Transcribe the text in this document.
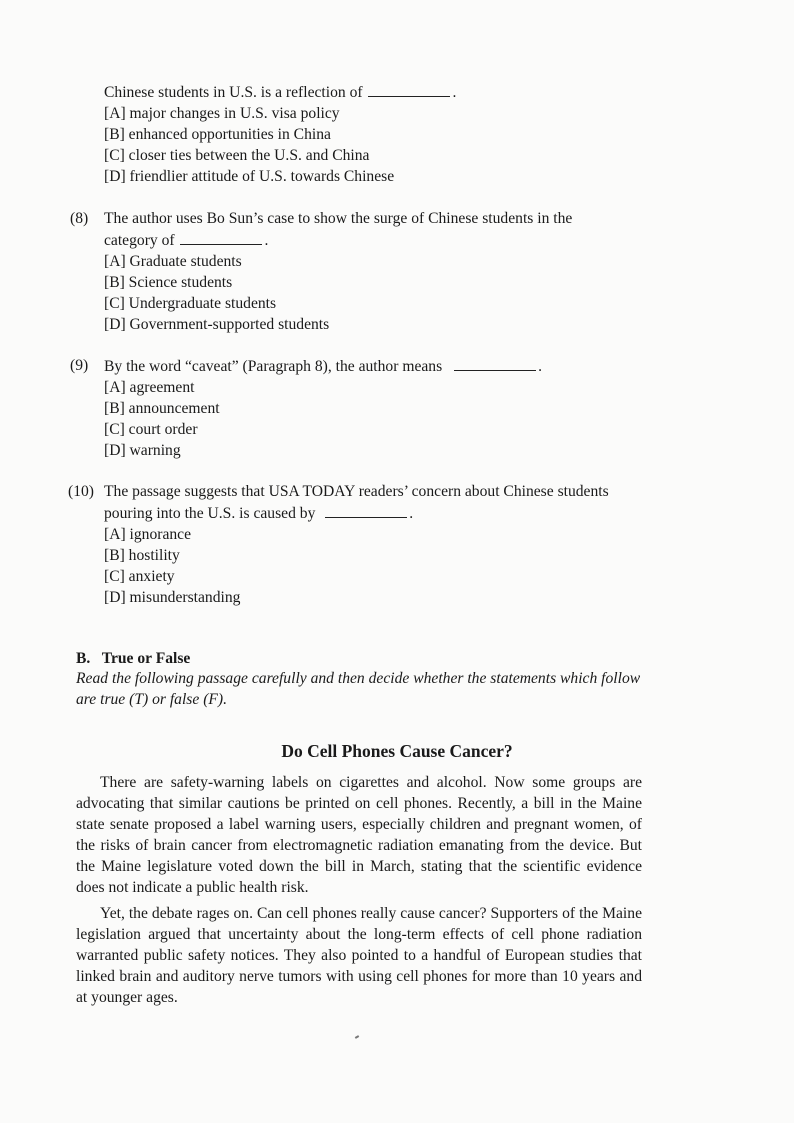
Chinese students in U.S. is a reflection of	.
[A] major changes in U.S. visa policy
[B] enhanced opportunities in China
[C] closer ties between the U.S. and China
[D] friendlier attitude of U.S. towards Chinese
(8)	The author uses Bo Sun’s case to show the surge of Chinese students in the
category of	.
[A] Graduate students
[B] Science students
[C] Undergraduate students
[D] Government-supported students
(9)	By the word “caveat” (Paragraph 8), the author means	.
[A] agreement
[B] announcement
[C] court order
[D] warning
(10) The passage suggests that USA TODAY readers’ concern about Chinese students
pouring into the U.S. is caused by	.
[A] ignorance
[B] hostility
[C] anxiety
[D] misunderstanding
B.   True or False
Read the following passage carefully and then decide whether the statements which follow are true (T) or false (F).
Do Cell Phones Cause Cancer?

There are safety-warning labels on cigarettes and alcohol. Now some groups are advocating that similar cautions be printed on cell phones. Recently, a bill in the Maine state senate proposed a label warning users, especially children and pregnant women, of the risks of brain cancer from electromagnetic radiation emanating from the device. But the Maine legislature voted down the bill in March, stating that the scientific evidence does not indicate a public health risk.

Yet, the debate rages on. Can cell phones really cause cancer? Supporters of the Maine legislation argued that uncertainty about the long-term effects of cell phone radiation warranted public safety notices. They also pointed to a handful of European studies that linked brain and auditory nerve tumors with using cell phones for more than 10 years and at younger ages.
